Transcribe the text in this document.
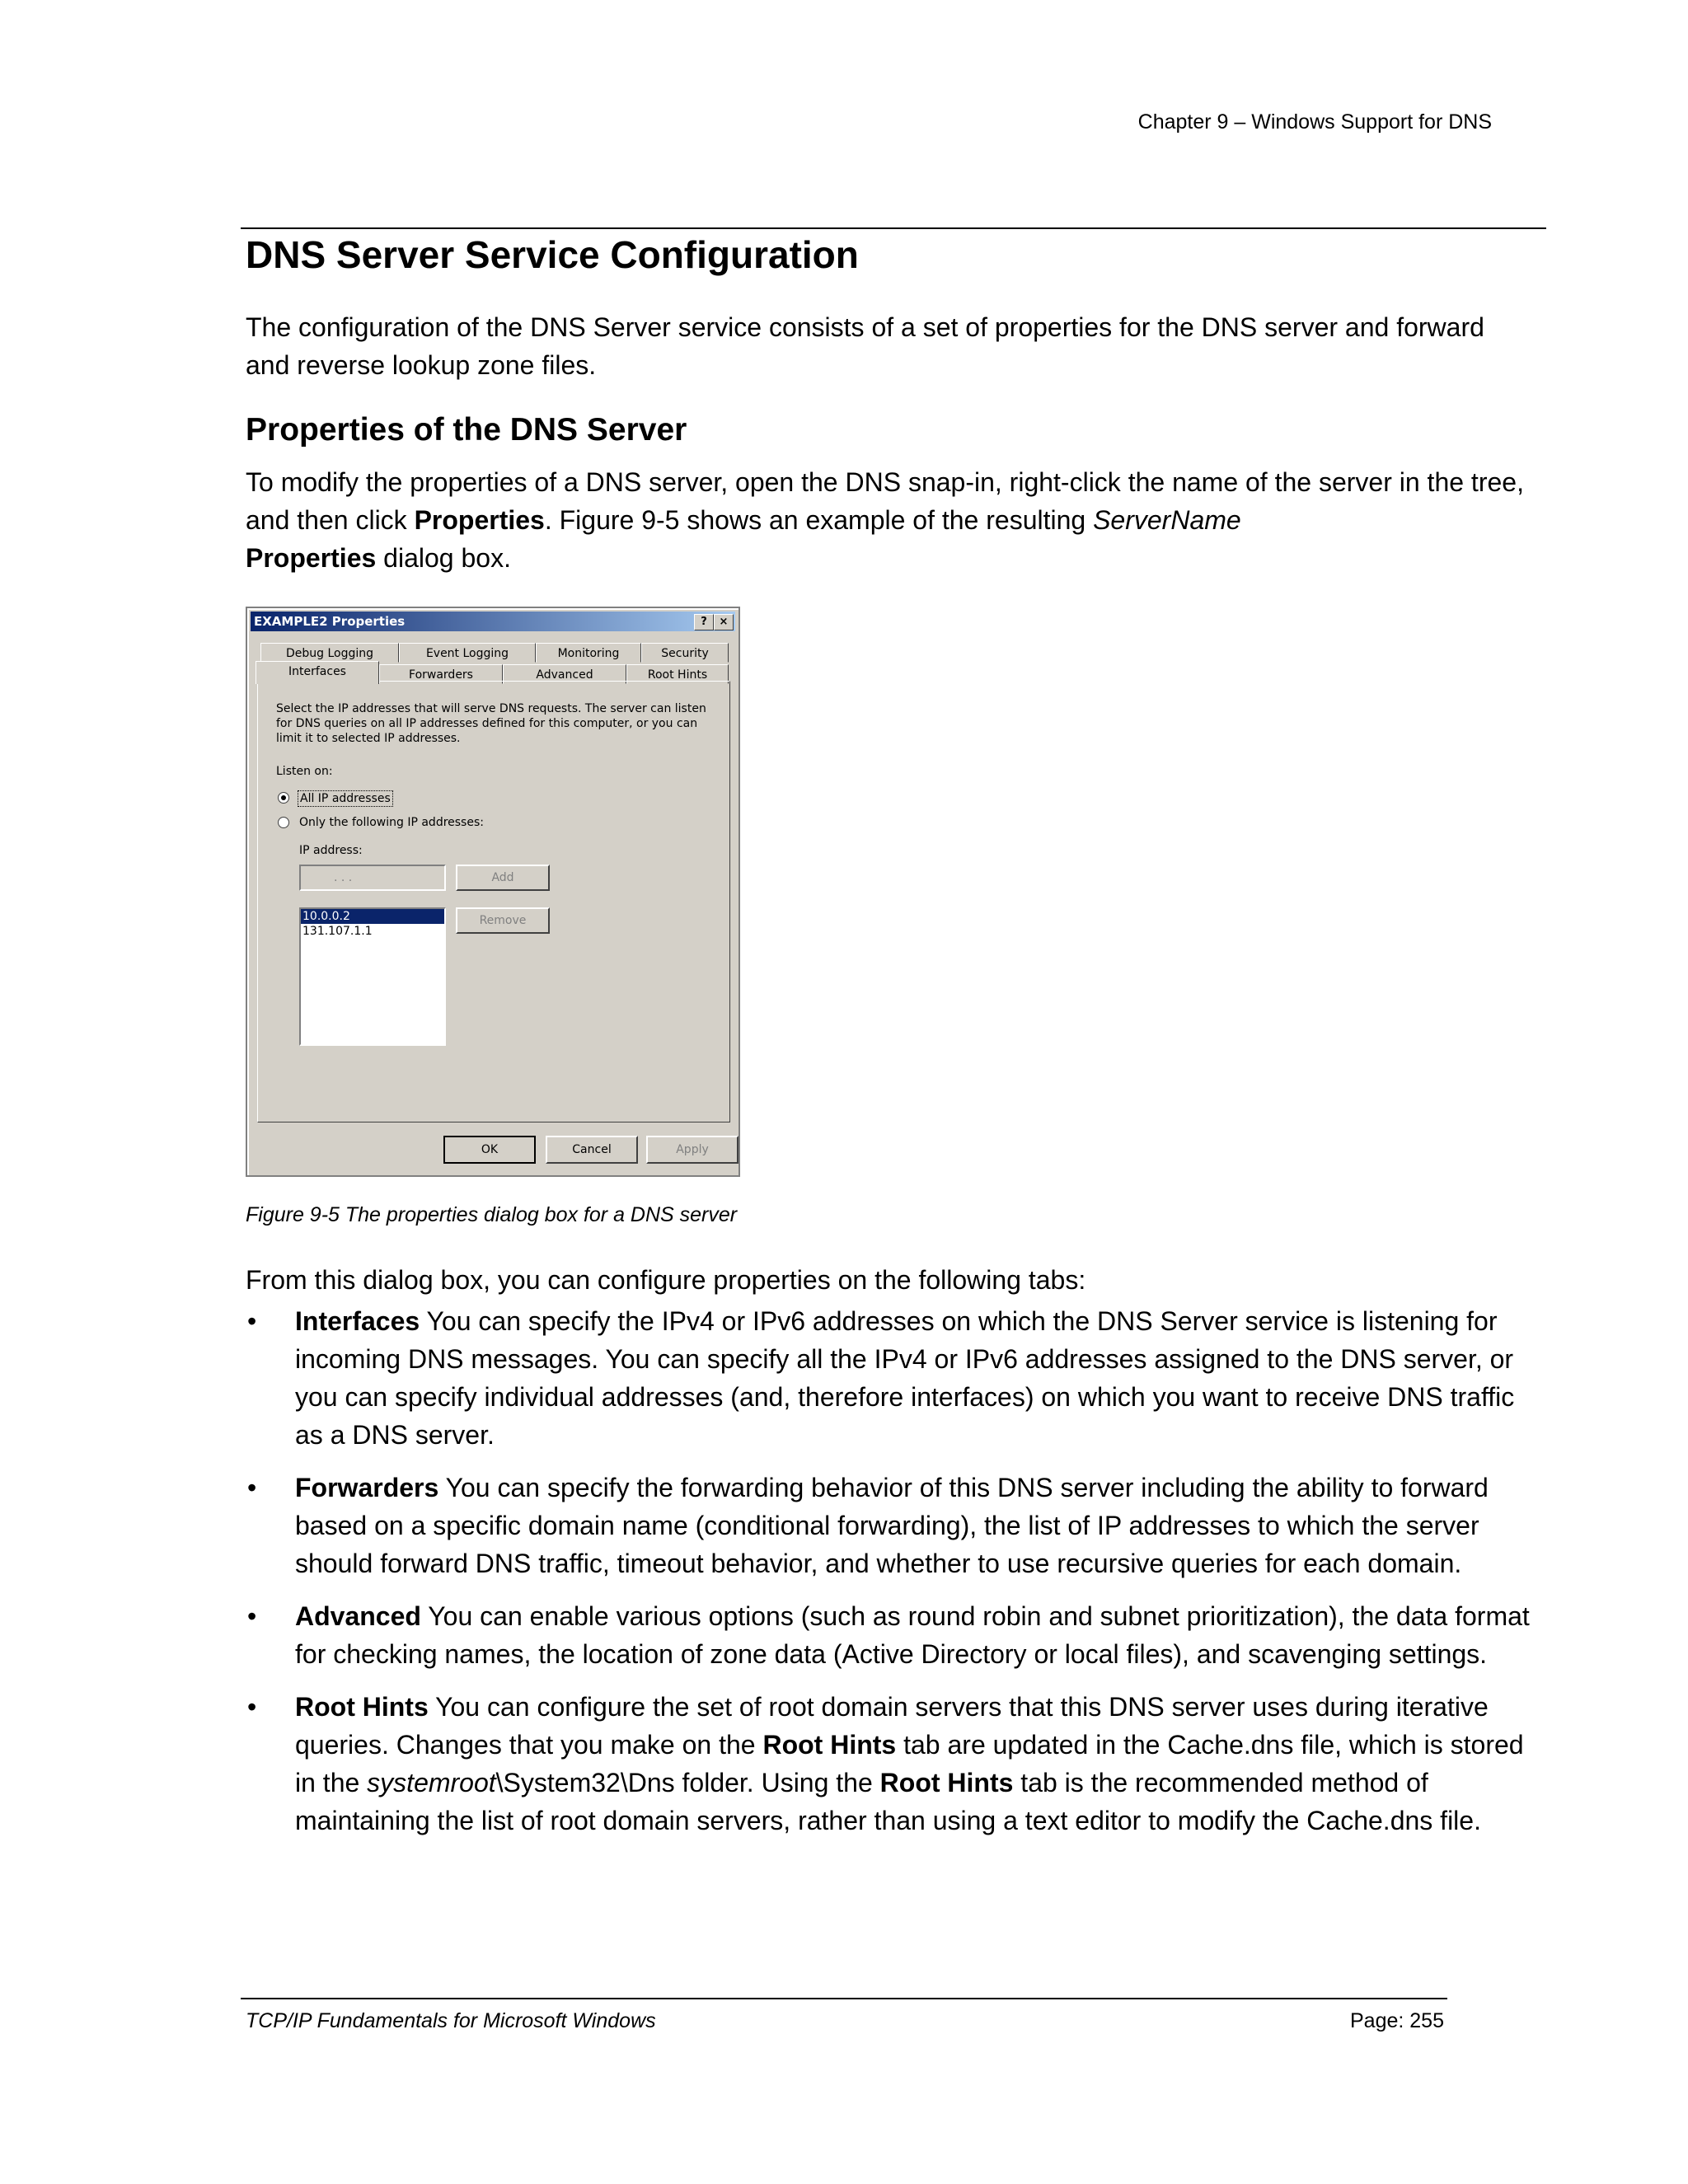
Chapter 9 – Windows Support for DNS
DNS Server Service Configuration
The configuration of the DNS Server service consists of a set of properties for the DNS server and forward and reverse lookup zone files.
Properties of the DNS Server
To modify the properties of a DNS server, open the DNS snap-in, right-click the name of the server in the tree, and then click Properties. Figure 9-5 shows an example of the resulting ServerName
Properties dialog box.
EXAMPLE2 Properties	?	×
Debug Logging	Event Logging	Monitoring	Security
Interfaces	Forwarders	Advanced	Root Hints
Select the IP addresses that will serve DNS requests. The server can listen for DNS queries on all IP addresses defined for this computer, or you can limit it to selected IP addresses.
Listen on:
All IP addresses
Only the following IP addresses:
IP address:
. . .	Add
10.0.0.2
131.107.1.1
Remove
OK	Cancel	Apply
Figure 9-5 The properties dialog box for a DNS server
From this dialog box, you can configure properties on the following tabs:
• Interfaces You can specify the IPv4 or IPv6 addresses on which the DNS Server service is listening for incoming DNS messages. You can specify all the IPv4 or IPv6 addresses assigned to the DNS server, or you can specify individual addresses (and, therefore interfaces) on which you want to receive DNS traffic as a DNS server.
• Forwarders You can specify the forwarding behavior of this DNS server including the ability to forward based on a specific domain name (conditional forwarding), the list of IP addresses to which the server should forward DNS traffic, timeout behavior, and whether to use recursive queries for each domain.
• Advanced You can enable various options (such as round robin and subnet prioritization), the data format for checking names, the location of zone data (Active Directory or local files), and scavenging settings.
• Root Hints You can configure the set of root domain servers that this DNS server uses during iterative queries. Changes that you make on the Root Hints tab are updated in the Cache.dns file, which is stored in the systemroot\System32\Dns folder. Using the Root Hints tab is the recommended method of maintaining the list of root domain servers, rather than using a text editor to modify the Cache.dns file.
TCP/IP Fundamentals for Microsoft Windows	Page: 255
